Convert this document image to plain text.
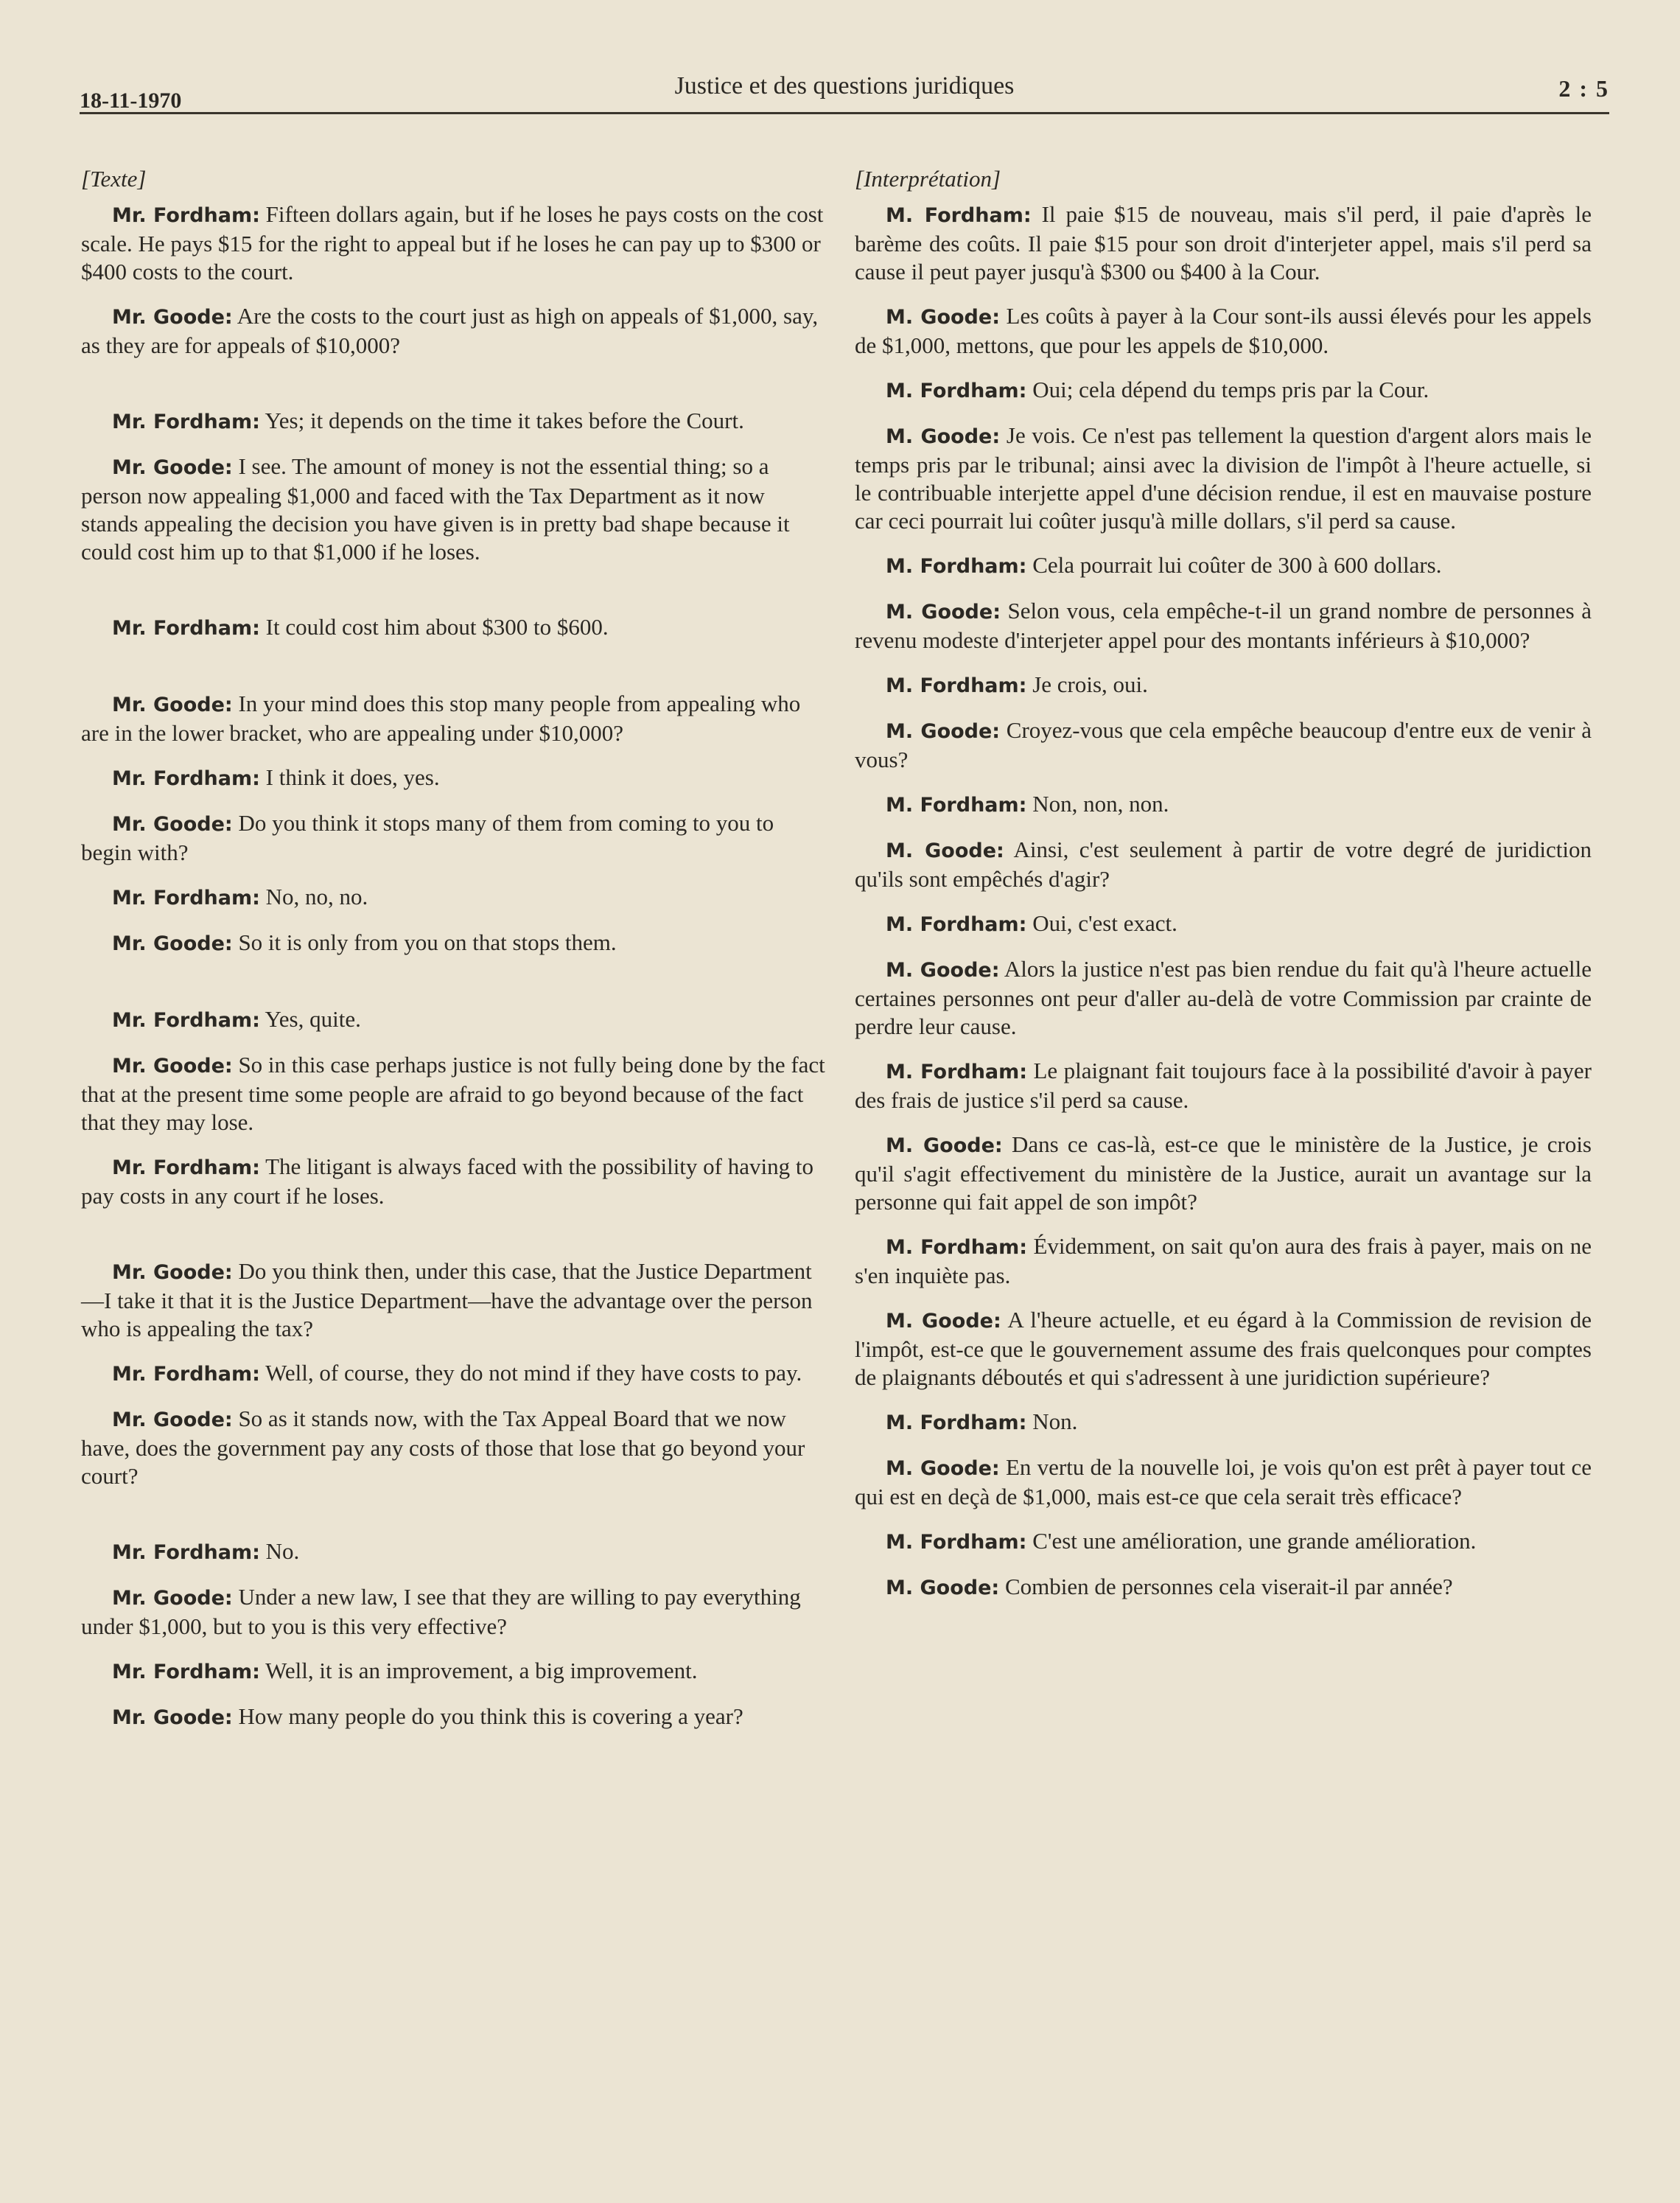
18-11-1970
Justice et des questions juridiques	2 : 5
[Texte]

Mr. Fordham: Fifteen dollars again, but if he loses he pays costs on the cost scale. He pays $15 for the right to appeal but if he loses he can pay up to $300 or $400 costs to the court.

Mr. Goode: Are the costs to the court just as high on appeals of $1,000, say, as they are for appeals of $10,000?

Mr. Fordham: Yes; it depends on the time it takes before the Court.

Mr. Goode: I see. The amount of money is not the essential thing; so a person now appealing $1,000 and faced with the Tax Department as it now stands appealing the decision you have given is in pretty bad shape because it could cost him up to that $1,000 if he loses.

Mr. Fordham: It could cost him about $300 to $600.

Mr. Goode: In your mind does this stop many people from appealing who are in the lower bracket, who are appealing under $10,000?

Mr. Fordham: I think it does, yes.

Mr. Goode: Do you think it stops many of them from coming to you to begin with?

Mr. Fordham: No, no, no.

Mr. Goode: So it is only from you on that stops them.

Mr. Fordham: Yes, quite.

Mr. Goode: So in this case perhaps justice is not fully being done by the fact that at the present time some people are afraid to go beyond because of the fact that they may lose.

Mr. Fordham: The litigant is always faced with the possibility of having to pay costs in any court if he loses.

Mr. Goode: Do you think then, under this case, that the Justice Department—I take it that it is the Justice Department—have the advantage over the person who is appealing the tax?

Mr. Fordham: Well, of course, they do not mind if they have costs to pay.

Mr. Goode: So as it stands now, with the Tax Appeal Board that we now have, does the government pay any costs of those that lose that go beyond your court?

Mr. Fordham: No.

Mr. Goode: Under a new law, I see that they are willing to pay everything under $1,000, but to you is this very effective?

Mr. Fordham: Well, it is an improvement, a big improvement.

Mr. Goode: How many people do you think this is covering a year?

[Interprétation]

M. Fordham: Il paie $15 de nouveau, mais s'il perd, il paie d'après le barème des coûts. Il paie $15 pour son droit d'interjeter appel, mais s'il perd sa cause il peut payer jusqu'à $300 ou $400 à la Cour.

M. Goode: Les coûts à payer à la Cour sont-ils aussi élevés pour les appels de $1,000, mettons, que pour les appels de $10,000.

M. Fordham: Oui; cela dépend du temps pris par la Cour.

M. Goode: Je vois. Ce n'est pas tellement la question d'argent alors mais le temps pris par le tribunal; ainsi avec la division de l'impôt à l'heure actuelle, si le contribuable interjette appel d'une décision rendue, il est en mauvaise posture car ceci pourrait lui coûter jusqu'à mille dollars, s'il perd sa cause.

M. Fordham: Cela pourrait lui coûter de 300 à 600 dollars.

M. Goode: Selon vous, cela empêche-t-il un grand nombre de personnes à revenu modeste d'interjeter appel pour des montants inférieurs à $10,000?

M. Fordham: Je crois, oui.

M. Goode: Croyez-vous que cela empêche beaucoup d'entre eux de venir à vous?

M. Fordham: Non, non, non.

M. Goode: Ainsi, c'est seulement à partir de votre degré de juridiction qu'ils sont empêchés d'agir?

M. Fordham: Oui, c'est exact.

M. Goode: Alors la justice n'est pas bien rendue du fait qu'à l'heure actuelle certaines personnes ont peur d'aller au-delà de votre Commission par crainte de perdre leur cause.

M. Fordham: Le plaignant fait toujours face à la possibilité d'avoir à payer des frais de justice s'il perd sa cause.

M. Goode: Dans ce cas-là, est-ce que le ministère de la Justice, je crois qu'il s'agit effectivement du ministère de la Justice, aurait un avantage sur la personne qui fait appel de son impôt?

M. Fordham: Évidemment, on sait qu'on aura des frais à payer, mais on ne s'en inquiète pas.

M. Goode: A l'heure actuelle, et eu égard à la Commission de revision de l'impôt, est-ce que le gouvernement assume des frais quelconques pour comptes de plaignants déboutés et qui s'adressent à une juridiction supérieure?

M. Fordham: Non.

M. Goode: En vertu de la nouvelle loi, je vois qu'on est prêt à payer tout ce qui est en deçà de $1,000, mais est-ce que cela serait très efficace?

M. Fordham: C'est une amélioration, une grande amélioration.

M. Goode: Combien de personnes cela viserait-il par année?
